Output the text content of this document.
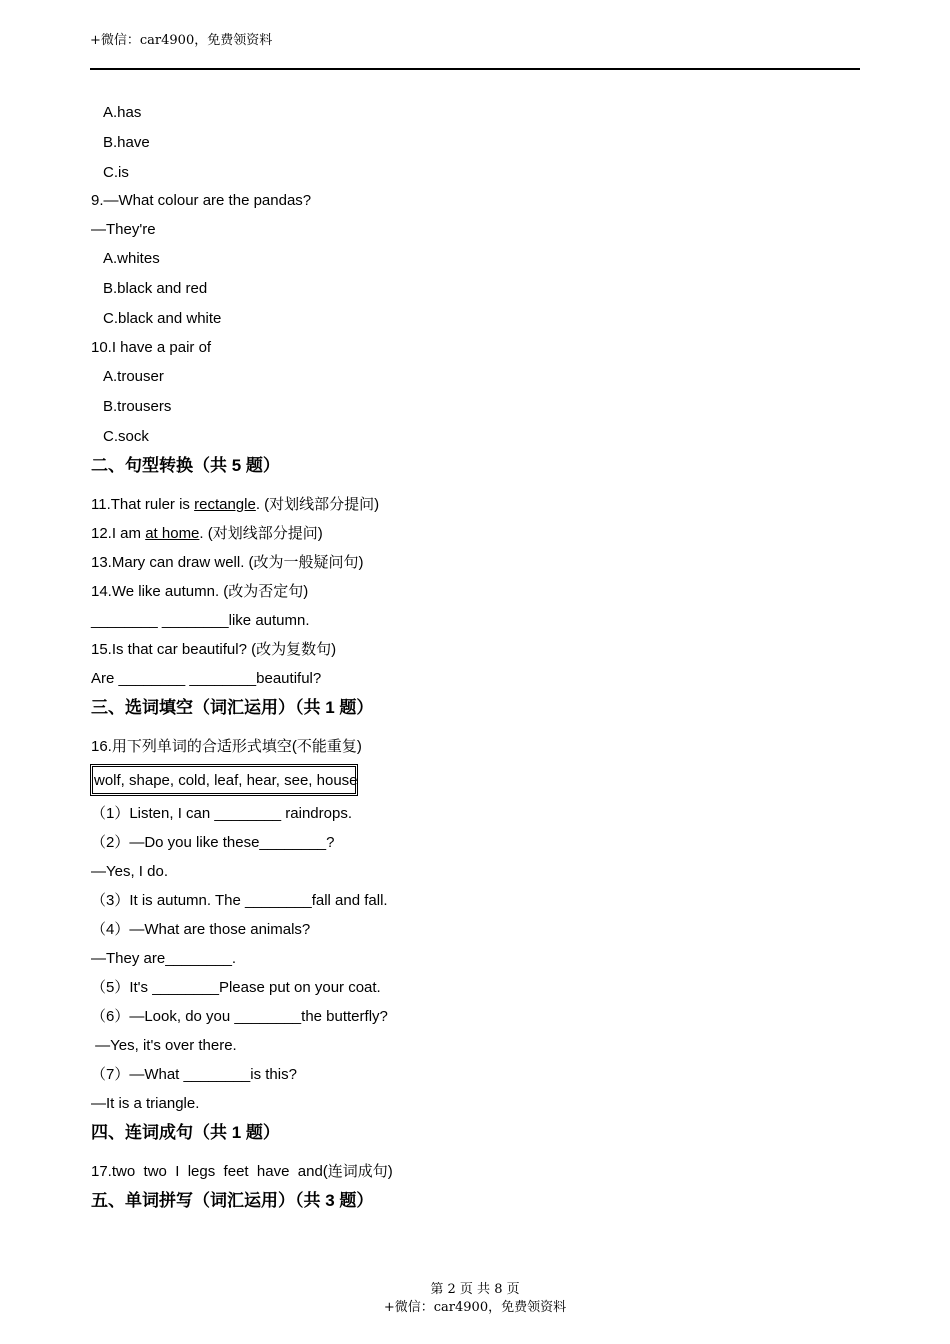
+微信：car4900，免费领资料
A.has
B.have
C.is
9.—What colour are the pandas?
—They're
A.whites
B.black and red
C.black and white
10.I have a pair of
A.trouser
B.trousers
C.sock
二、句型转换（共 5 题）
11.That ruler is rectangle. (对划线部分提问)
12.I am at home. (对划线部分提问)
13.Mary can draw well. (改为一般疑问句)
14.We like autumn. (改为否定句)
________ ________like autumn.
15.Is that car beautiful? (改为复数句)
Are ________ ________beautiful?
三、选词填空（词汇运用）（共 1 题）
16.用下列单词的合适形式填空(不能重复)
wolf, shape, cold, leaf, hear, see, house
（1）Listen, I can ________ raindrops.
（2）—Do you like these________?
—Yes, I do.
（3）It is autumn. The ________fall and fall.
（4）—What are those animals?
—They are________.
（5）It's ________Please put on your coat.
（6）—Look, do you ________the butterfly?
—Yes, it's over there.
（7）—What ________is this?
—It is a triangle.
四、连词成句（共 1 题）
17.two  two  I  legs  feet  have  and(连词成句)
五、单词拼写（词汇运用）（共 3 题）
第 2 页 共 8 页
+微信：car4900，免费领资料
